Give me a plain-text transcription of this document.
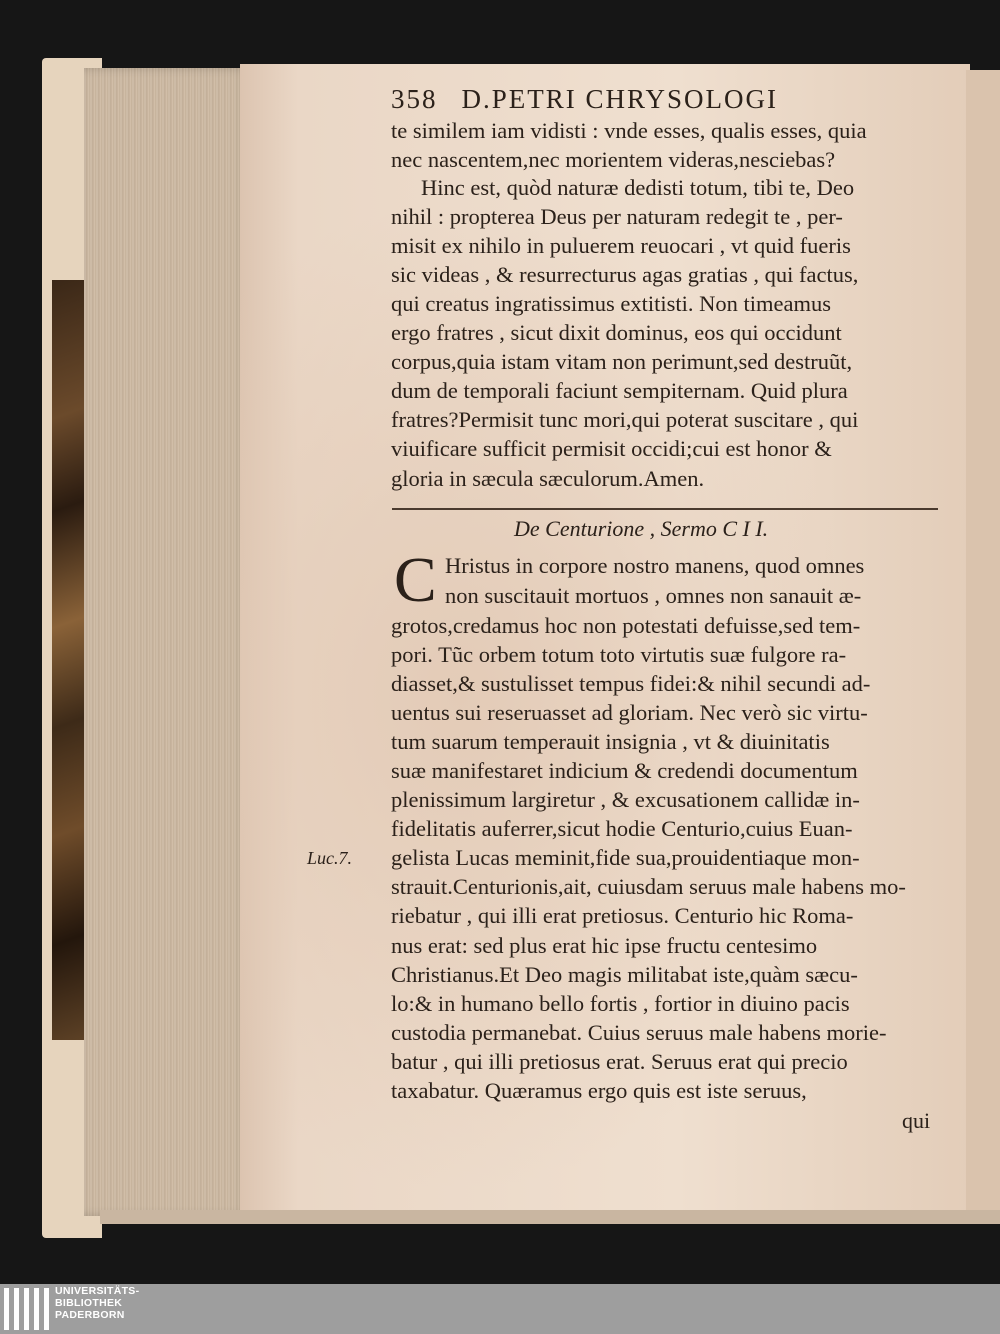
358 D.PETRI CHRYSOLOGI
te similem iam vidisti : vnde esses, qualis esses, quia
nec nascentem,nec morientem videras,nesciebas?
Hinc est, quòd naturæ dedisti totum, tibi te, Deo
nihil : propterea Deus per naturam redegit te , per-
misit ex nihilo in puluerem reuocari , vt quid fueris
sic videas , & resurrecturus agas gratias , qui factus,
qui creatus ingratissimus extitisti. Non timeamus
ergo fratres , sicut dixit dominus, eos qui occidunt
corpus,quia istam vitam non perimunt,sed destruũt,
dum de temporali faciunt sempiternam. Quid plura
fratres?Permisit tunc mori,qui poterat suscitare , qui
viuificare sufficit permisit occidi;cui est honor &
gloria in sæcula sæculorum.Amen.
De Centurione , Sermo C I I.
C Hristus in corpore nostro manens, quod omnes
non suscitauit mortuos , omnes non sanauit æ-
grotos,credamus hoc non potestati defuisse,sed tem-
pori. Tũc orbem totum toto virtutis suæ fulgore ra-
diasset,& sustulisset tempus fidei:& nihil secundi ad-
uentus sui reseruasset ad gloriam. Nec verò sic virtu-
tum suarum temperauit insignia , vt & diuinitatis
suæ manifestaret indicium & credendi documentum
plenissimum largiretur , & excusationem callidæ in-
fidelitatis auferrer,sicut hodie Centurio,cuius Euan-
gelista Lucas meminit,fide sua,prouidentiaque mon-
strauit.Centurionis,ait, cuiusdam seruus male habens mo-
riebatur , qui illi erat pretiosus. Centurio hic Roma-
nus erat: sed plus erat hic ipse fructu centesimo
Christianus.Et Deo magis militabat iste,quàm sæcu-
lo:& in humano bello fortis , fortior in diuino pacis
custodia permanebat. Cuius seruus male habens morie-
batur , qui illi pretiosus erat. Seruus erat qui precio
taxabatur. Quæramus ergo quis est iste seruus,
Luc.7.
qui
UNIVERSITÄTS-
BIBLIOTHEK
PADERBORN
